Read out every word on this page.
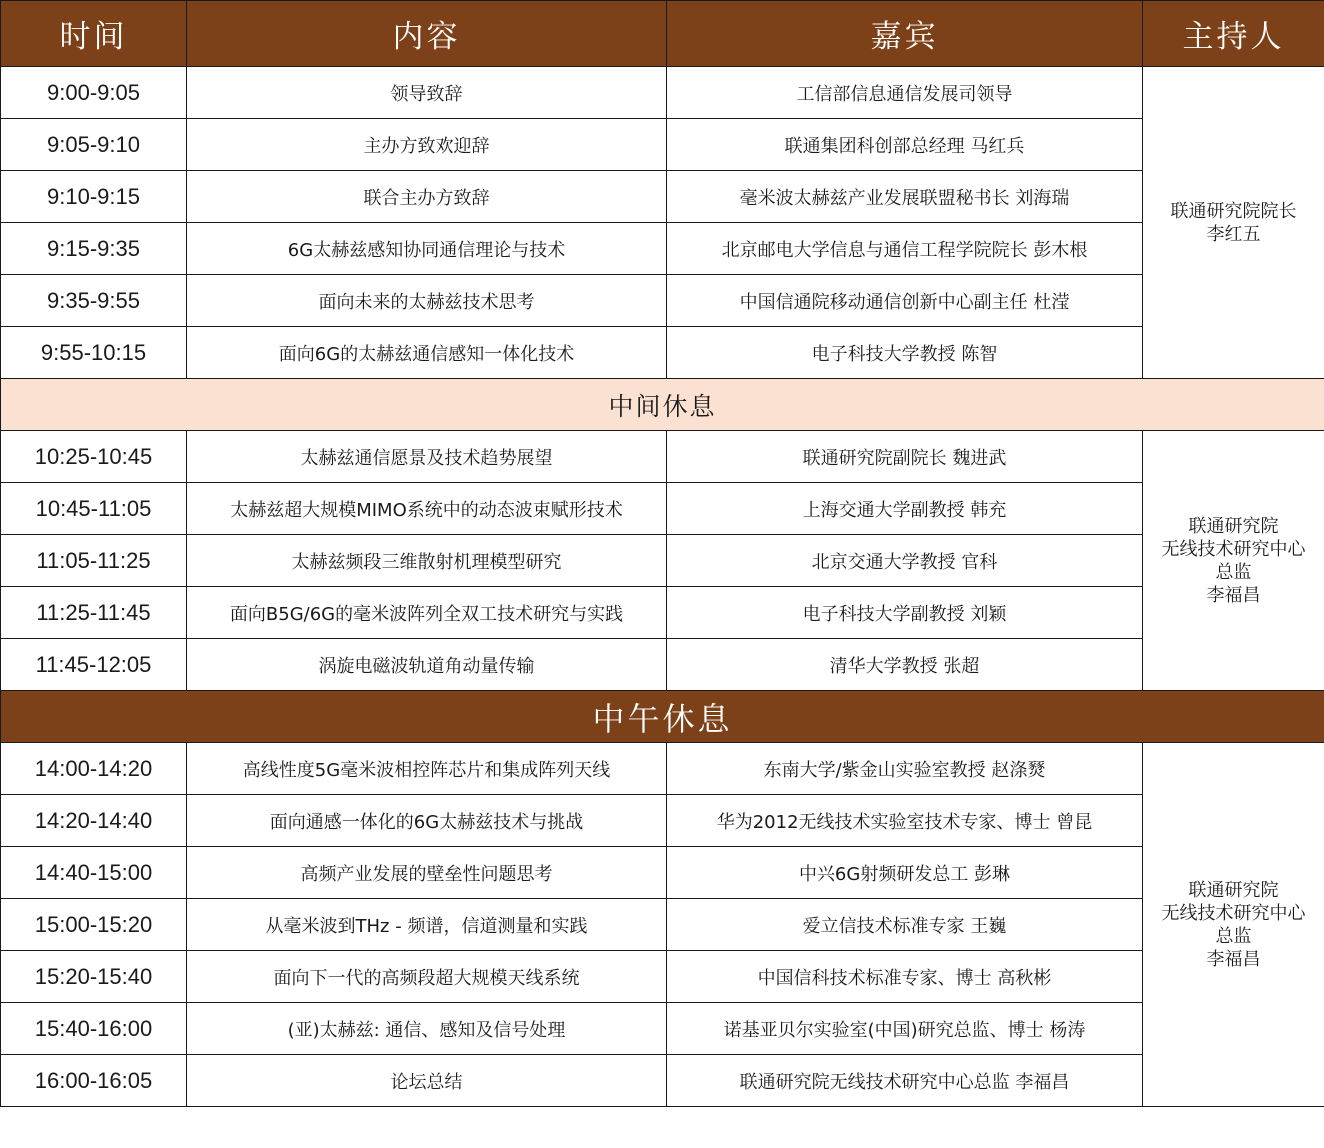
时间	内容	嘉宾	主持人
9:00-9:05	领导致辞	工信部信息通信发展司领导	联通研究院院长
李红五

9:05-9:10	主办方致欢迎辞	联通集团科创部总经理 马红兵	
9:10-9:15	联合主办方致辞	毫米波太赫兹产业发展联盟秘书长 刘海瑞	
9:15-9:35	6G太赫兹感知协同通信理论与技术	北京邮电大学信息与通信工程学院院长 彭木根	
9:35-9:55	面向未来的太赫兹技术思考	中国信通院移动通信创新中心副主任 杜滢	
9:55-10:15	面向6G的太赫兹通信感知一体化技术	电子科技大学教授 陈智	
中间休息			
10:25-10:45	太赫兹通信愿景及技术趋势展望	联通研究院副院长 魏进武	联通研究院
无线技术研究中心
总监
李福昌

10:45-11:05	太赫兹超大规模MIMO系统中的动态波束赋形技术	上海交通大学副教授 韩充	
11:05-11:25	太赫兹频段三维散射机理模型研究	北京交通大学教授 官科	
11:25-11:45	面向B5G/6G的毫米波阵列全双工技术研究与实践	电子科技大学副教授 刘颖	
11:45-12:05	涡旋电磁波轨道角动量传输	清华大学教授 张超	
中午休息			
14:00-14:20	高线性度5G毫米波相控阵芯片和集成阵列天线	东南大学/紫金山实验室教授 赵涤燹	联通研究院
无线技术研究中心
总监
李福昌

14:20-14:40	面向通感一体化的6G太赫兹技术与挑战	华为2012无线技术实验室技术专家、博士 曾昆	
14:40-15:00	高频产业发展的壁垒性问题思考	中兴6G射频研发总工 彭琳	
15:00-15:20	从毫米波到THz - 频谱，信道测量和实践	爱立信技术标准专家 王巍	
15:20-15:40	面向下一代的高频段超大规模天线系统	中国信科技术标准专家、博士 高秋彬	
15:40-16:00	(亚)太赫兹: 通信、感知及信号处理	诺基亚贝尔实验室(中国)研究总监、博士 杨涛	
16:00-16:05	论坛总结	联通研究院无线技术研究中心总监 李福昌	
